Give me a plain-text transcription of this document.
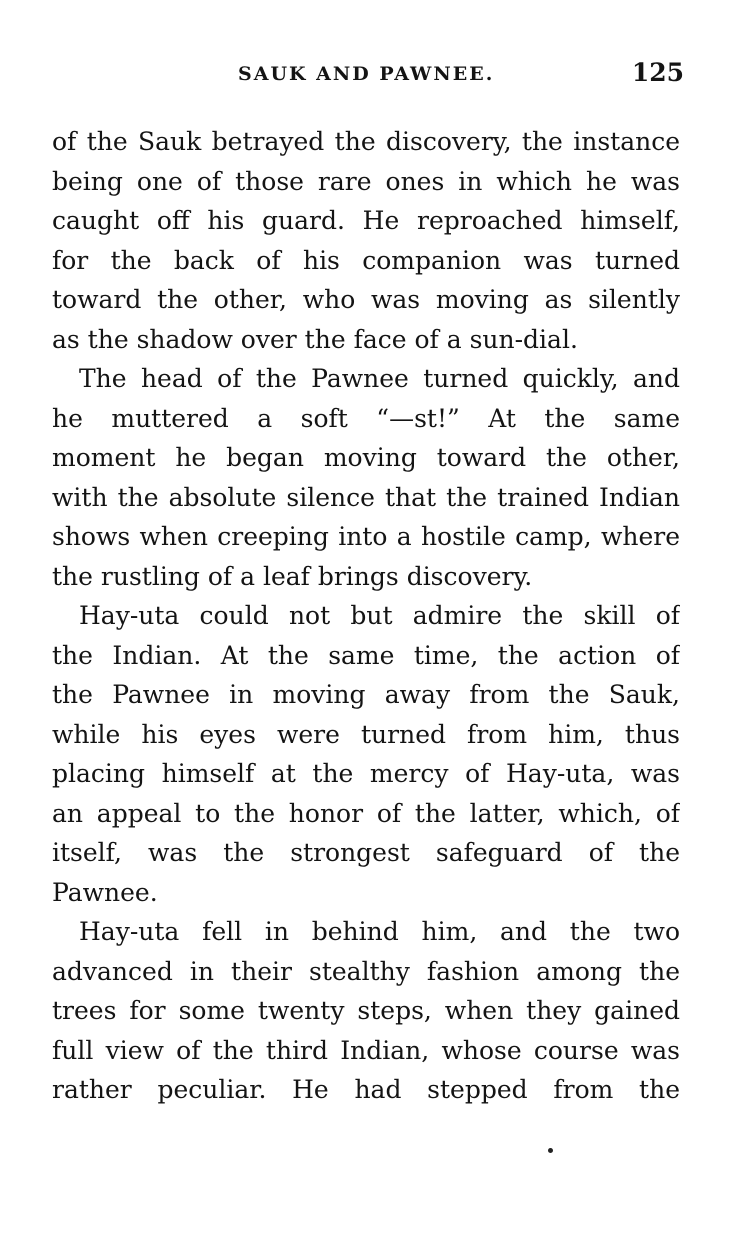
SAUK AND PAWNEE.	125
of the Sauk betrayed the discovery, the instance
being one of those rare ones in which he was
caught off his guard. He reproached himself,
for the back of his companion was turned
toward the other, who was moving as silently
as the shadow over the face of a sun-dial.
The head of the Pawnee turned quickly, and
he muttered a soft “—st!” At the same
moment he began moving toward the other,
with the absolute silence that the trained Indian
shows when creeping into a hostile camp, where
the rustling of a leaf brings discovery.
Hay-uta could not but admire the skill of
the Indian. At the same time, the action of
the Pawnee in moving away from the Sauk,
while his eyes were turned from him, thus
placing himself at the mercy of Hay-uta, was
an appeal to the honor of the latter, which, of
itself, was the strongest safeguard of the
Pawnee.
Hay-uta fell in behind him, and the two
advanced in their stealthy fashion among the
trees for some twenty steps, when they gained
full view of the third Indian, whose course was
rather peculiar. He had stepped from the
